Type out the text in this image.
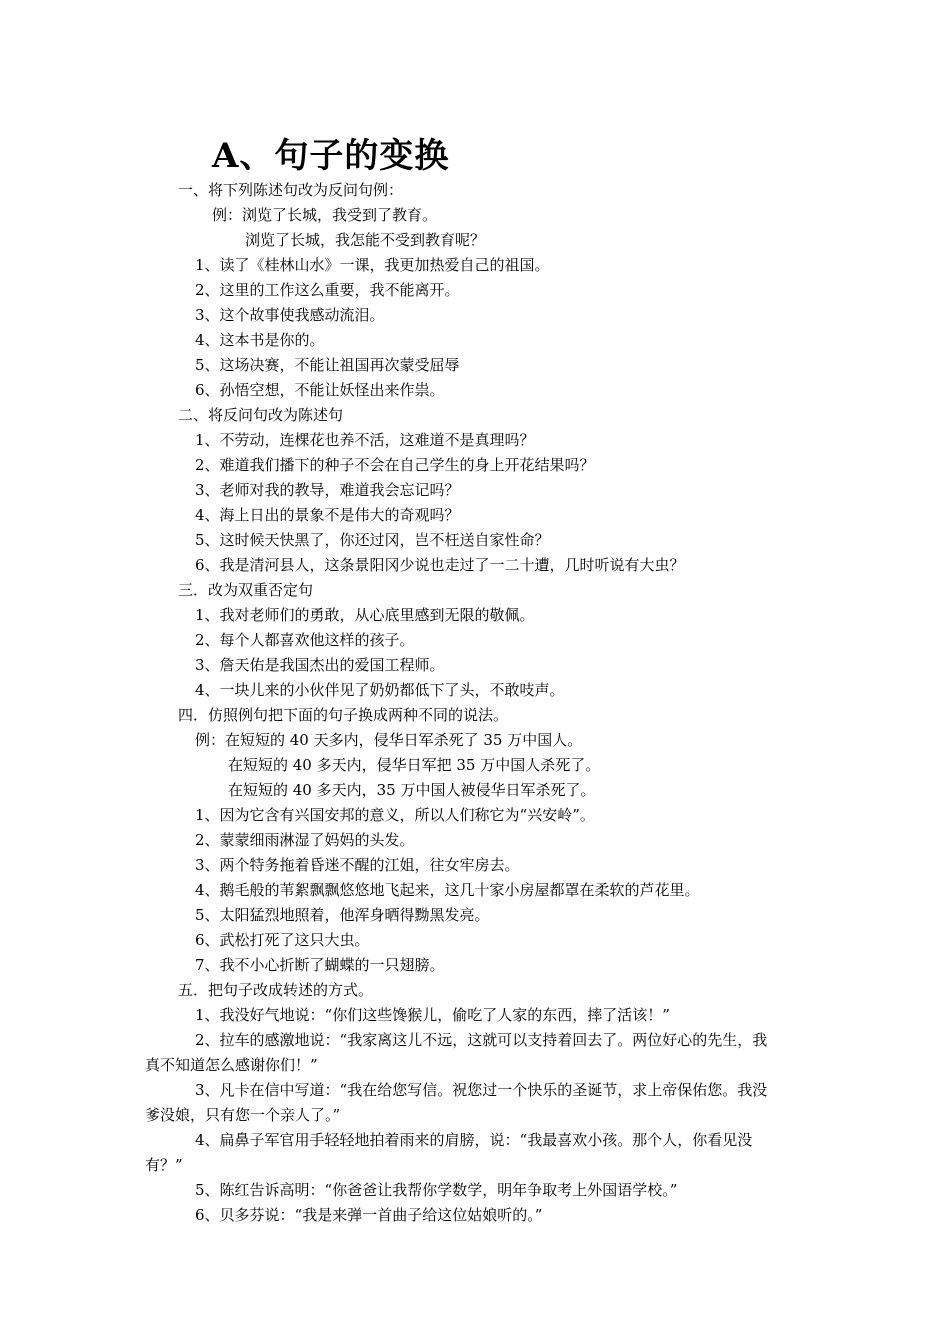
A、句子的变换
一、将下列陈述句改为反问句例：
例：浏览了长城，我受到了教育。
浏览了长城，我怎能不受到教育呢？
1、读了《桂林山水》一课，我更加热爱自己的祖国。
2、这里的工作这么重要，我不能离开。
3、这个故事使我感动流泪。
4、这本书是你的。
5、这场决赛，不能让祖国再次蒙受屈辱
6、孙悟空想，不能让妖怪出来作祟。
二、将反问句改为陈述句
1、不劳动，连棵花也养不活，这难道不是真理吗？
2、难道我们播下的种子不会在自己学生的身上开花结果吗？
3、老师对我的教导，难道我会忘记吗？
4、海上日出的景象不是伟大的奇观吗？
5、这时候天快黑了，你还过冈，岂不枉送自家性命？
6、我是清河县人，这条景阳冈少说也走过了一二十遭，几时听说有大虫？
三．改为双重否定句
1、我对老师们的勇敢，从心底里感到无限的敬佩。
2、每个人都喜欢他这样的孩子。
3、詹天佑是我国杰出的爱国工程师。
4、一块儿来的小伙伴见了奶奶都低下了头，不敢吱声。
四．仿照例句把下面的句子换成两种不同的说法。
例：在短短的 40 天多内，侵华日军杀死了 35 万中国人。
在短短的 40 多天内，侵华日军把 35 万中国人杀死了。
在短短的 40 多天内，35 万中国人被侵华日军杀死了。
1、因为它含有兴国安邦的意义，所以人们称它为“兴安岭”。
2、蒙蒙细雨淋湿了妈妈的头发。
3、两个特务拖着昏迷不醒的江姐，往女牢房去。
4、鹅毛般的苇絮飘飘悠悠地飞起来，这几十家小房屋都罩在柔软的芦花里。
5、太阳猛烈地照着，他浑身晒得黝黑发亮。
6、武松打死了这只大虫。
7、我不小心折断了蝴蝶的一只翅膀。
五．把句子改成转述的方式。
1、我没好气地说：“你们这些馋猴儿，偷吃了人家的东西，摔了活该！”
2、拉车的感激地说：“我家离这儿不远，这就可以支持着回去了。两位好心的先生，我
真不知道怎么感谢你们！”
3、凡卡在信中写道：“我在给您写信。祝您过一个快乐的圣诞节，求上帝保佑您。我没
爹没娘，只有您一个亲人了。”
4、扁鼻子军官用手轻轻地拍着雨来的肩膀，说：“我最喜欢小孩。那个人，你看见没
有？”
5、陈红告诉高明：“你爸爸让我帮你学数学，明年争取考上外国语学校。”
6、贝多芬说：“我是来弹一首曲子给这位姑娘听的。”
